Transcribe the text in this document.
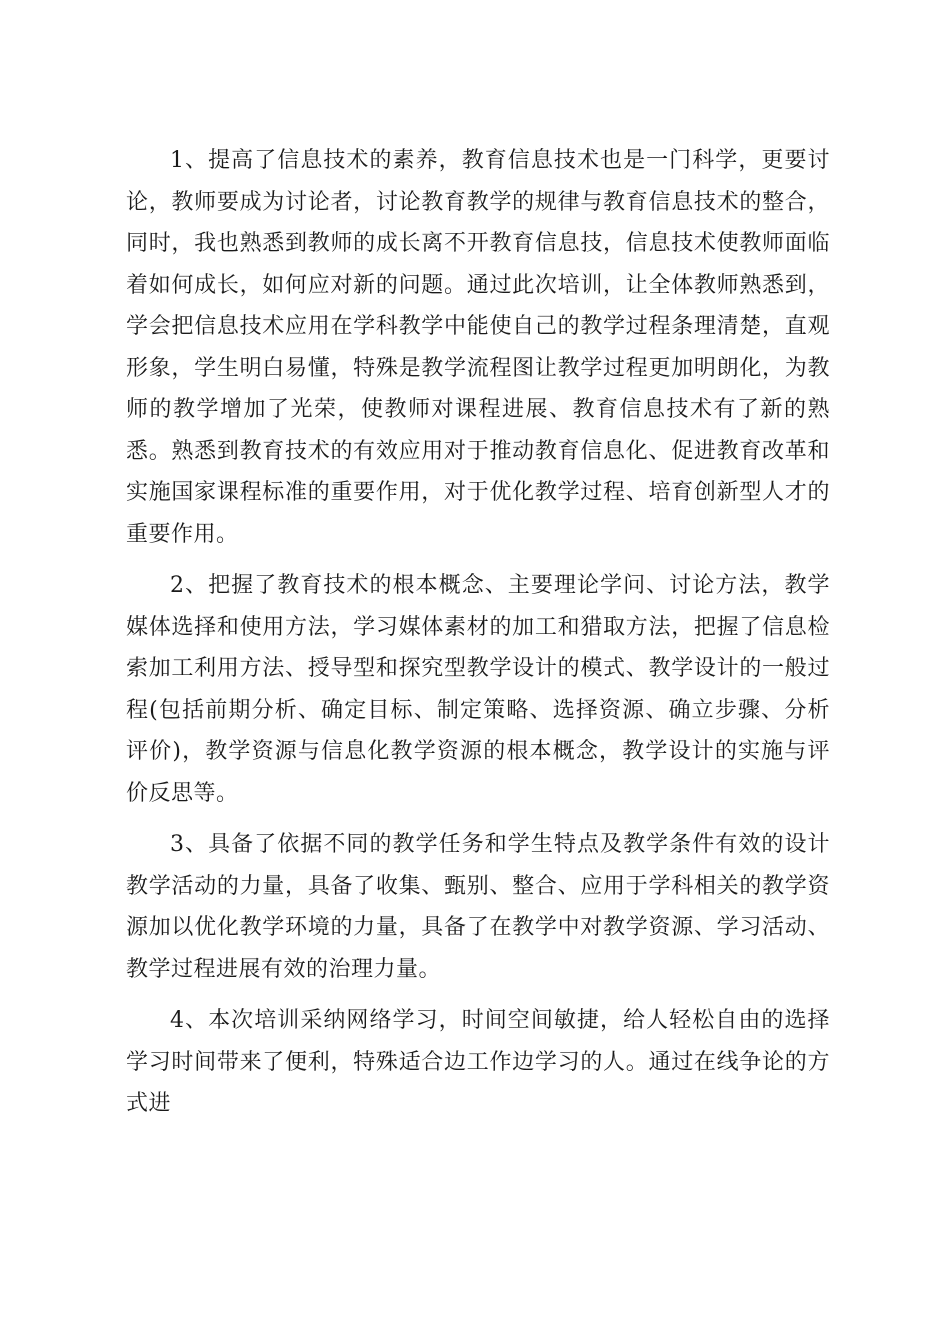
1、提高了信息技术的素养，教育信息技术也是一门科学，更要讨论，教师要成为讨论者，讨论教育教学的规律与教育信息技术的整合，同时，我也熟悉到教师的成长离不开教育信息技，信息技术使教师面临着如何成长，如何应对新的问题。通过此次培训，让全体教师熟悉到，学会把信息技术应用在学科教学中能使自己的教学过程条理清楚，直观形象，学生明白易懂，特殊是教学流程图让教学过程更加明朗化，为教师的教学增加了光荣，使教师对课程进展、教育信息技术有了新的熟悉。熟悉到教育技术的有效应用对于推动教育信息化、促进教育改革和实施国家课程标准的重要作用，对于优化教学过程、培育创新型人才的重要作用。

2、把握了教育技术的根本概念、主要理论学问、讨论方法，教学媒体选择和使用方法，学习媒体素材的加工和猎取方法，把握了信息检索加工利用方法、授导型和探究型教学设计的模式、教学设计的一般过程(包括前期分析、确定目标、制定策略、选择资源、确立步骤、分析评价)，教学资源与信息化教学资源的根本概念，教学设计的实施与评价反思等。

3、具备了依据不同的教学任务和学生特点及教学条件有效的设计教学活动的力量，具备了收集、甄别、整合、应用于学科相关的教学资源加以优化教学环境的力量，具备了在教学中对教学资源、学习活动、教学过程进展有效的治理力量。

4、本次培训采纳网络学习，时间空间敏捷，给人轻松自由的选择学习时间带来了便利，特殊适合边工作边学习的人。通过在线争论的方式进
